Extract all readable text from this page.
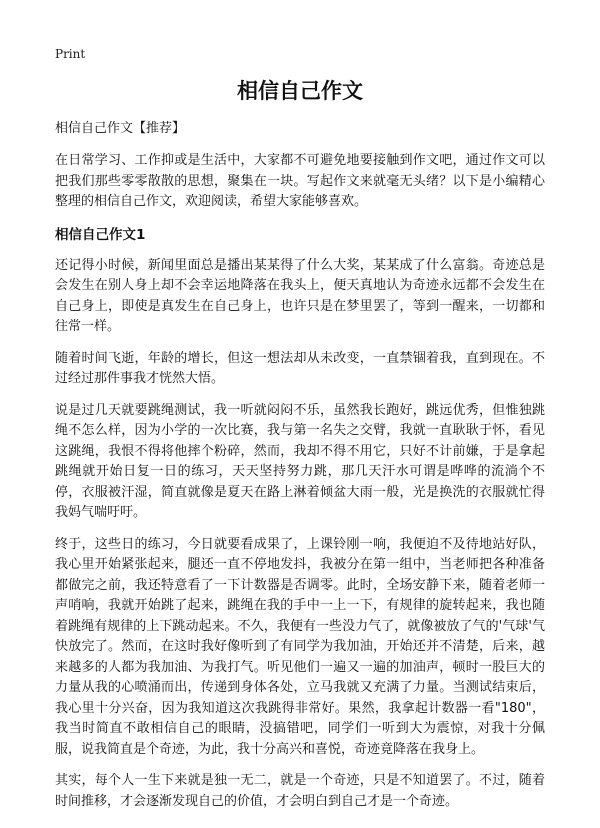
Print
相信自己作文
相信自己作文【推荐】

在日常学习、工作抑或是生活中，大家都不可避免地要接触到作文吧，通过作文可以把我们那些零零散散的思想，聚集在一块。写起作文来就毫无头绪？以下是小编精心整理的相信自己作文，欢迎阅读，希望大家能够喜欢。

相信自己作文1

还记得小时候，新闻里面总是播出某某得了什么大奖，某某成了什么富翁。奇迹总是会发生在别人身上却不会幸运地降落在我头上，便天真地认为奇迹永远都不会发生在自己身上，即使是真发生在自己身上，也许只是在梦里罢了，等到一醒来，一切都和往常一样。

随着时间飞逝，年龄的增长，但这一想法却从未改变，一直禁锢着我，直到现在。不过经过那件事我才恍然大悟。

说是过几天就要跳绳测试，我一听就闷闷不乐，虽然我长跑好，跳远优秀，但惟独跳绳不怎么样，因为小学的一次比赛，我与第一名失之交臂，我就一直耿耿于怀，看见这跳绳，我恨不得将他摔个粉碎，然而，我却不得不用它，只好不计前嫌，于是拿起跳绳就开始日复一日的练习，天天坚持努力跳，那几天汗水可谓是哗哗的流淌个不停，衣服被汗湿，简直就像是夏天在路上淋着倾盆大雨一般，光是换洗的衣服就忙得我妈气喘吁吁。

终于，这些日的练习，今日就要看成果了，上课铃刚一响，我便迫不及待地站好队，我心里开始紧张起来，腿还一直不停地发抖，我被分在第一组中，当老师把各种准备都做完之前，我还特意看了一下计数器是否调零。此时，全场安静下来，随着老师一声哨响，我就开始跳了起来，跳绳在我的手中一上一下，有规律的旋转起来，我也随着跳绳有规律的上下跳动起来。不久，我便有一些没力气了，就像被放了气的'气球'气快放完了。然而，在这时我好像听到了有同学为我加油，开始还并不清楚，后来，越来越多的人都为我加油、为我打气。听见他们一遍又一遍的加油声，顿时一股巨大的力量从我的心喷涌而出，传递到身体各处，立马我就又充满了力量。当测试结束后，我心里十分兴奋，因为我知道这次我跳得非常好。果然，我拿起计数器一看"180"，我当时简直不敢相信自己的眼睛，没搞错吧，同学们一听到大为震惊，对我十分佩服，说我简直是个奇迹，为此，我十分高兴和喜悦，奇迹竟降落在我身上。

其实，每个人一生下来就是独一无二，就是一个奇迹，只是不知道罢了。不过，随着时间推移，才会逐渐发现自己的价值，才会明白到自己才是一个奇迹。
